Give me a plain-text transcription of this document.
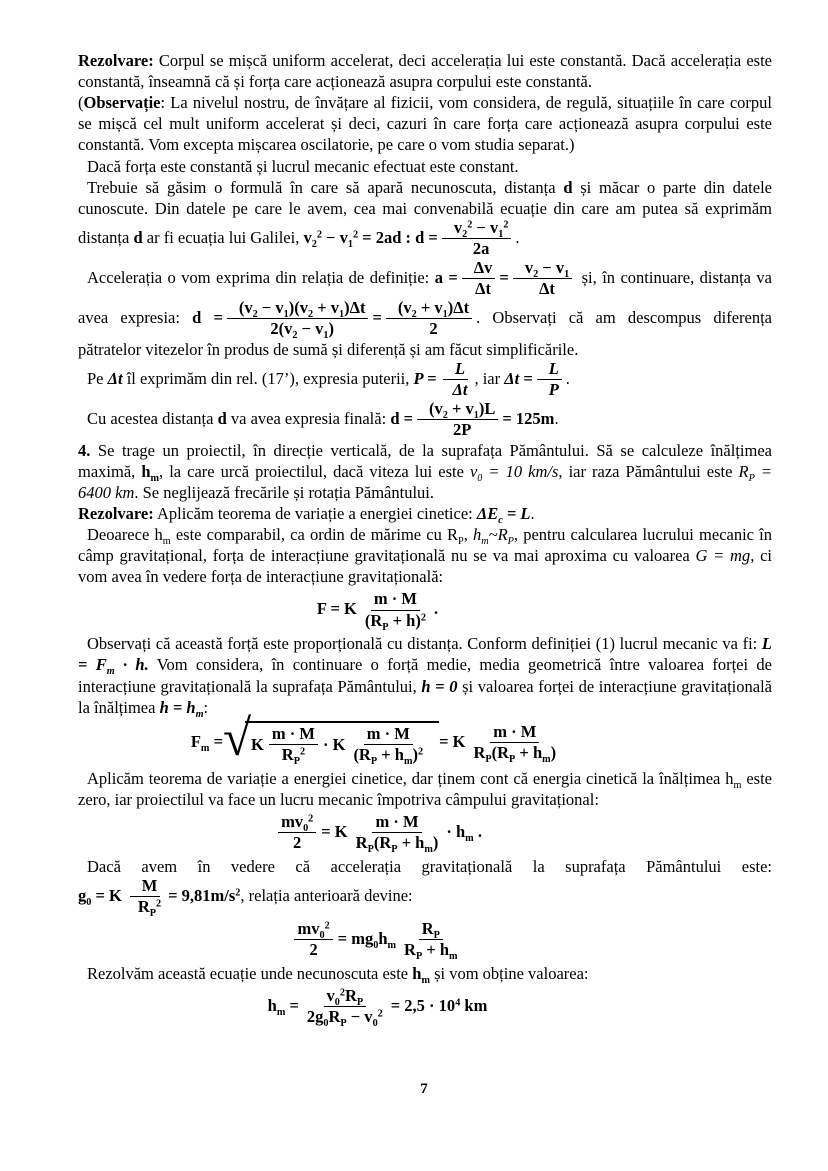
Rezolvare: Corpul se mișcă uniform accelerat, deci accelerația lui este constantă. Dacă accelerația este constantă, înseamnă că și forța care acționează asupra corpului este constantă.

(Observație: La nivelul nostru, de învățare al fizicii, vom considera, de regulă, situațiile în care corpul se mișcă cel mult uniform accelerat și deci, cazuri în care forța care acționează asupra corpului este constantă. Vom excepta mișcarea oscilatorie, pe care o vom studia separat.)

Dacă forța este constantă și lucrul mecanic efectuat este constant.

Trebuie să găsim o formulă în care să apară necunoscuta, distanța d și măcar o parte din datele cunoscute. Din datele pe care le avem, cea mai convenabilă ecuație din care am putea să exprimăm distanța d ar fi ecuația lui Galilei, $v_2^2 - v_1^2 = 2ad$ : $d = \frac{v_2^2 - v_1^2}{2a}$ .

Accelerația o vom exprima din relația de definiție: $a = \frac{\Delta v}{\Delta t} = \frac{v_2 - v_1}{\Delta t}$ și, în continuare, distanța va avea expresia: $d = \frac{(v_2 - v_1)(v_2 + v_1)\Delta t}{2(v_2 - v_1)} = \frac{(v_2 + v_1)\Delta t}{2}$ . Observați că am descompus diferența pătratelor vitezelor în produs de sumă și diferență și am făcut simplificările.

Pe Δt îl exprimăm din rel. (17’), expresia puterii, $P = \frac{L}{\Delta t}$ , iar $\Delta t = \frac{L}{P}$ .

Cu acestea distanța d va avea expresia finală: $d = \frac{(v_2 + v_1)L}{2P} = 125m$.

4. Se trage un proiectil, în direcție verticală, de la suprafața Pământului. Să se calculeze înălțimea maximă, $h_m$, la care urcă proiectilul, dacă viteza lui este $v_0 = 10$ km/s, iar raza Pământului este $R_P = 6400$ km. Se neglijează frecările și rotația Pământului.

Rezolvare: Aplicăm teorema de variație a energiei cinetice: $\Delta E_c = L$.

Deoarece $h_m$ este comparabil, ca ordin de mărime cu $R_P$, $h_m\sim R_P$, pentru calcularea lucrului mecanic în câmp gravitațional, forța de interacțiune gravitațională nu se va mai aproxima cu valoarea G = mg, ci vom avea în vedere forța de interacțiune gravitațională:

F = K $\frac{m \cdot M}{(R_P + h)^2}$ .

Observați că această forță este proporțională cu distanța. Conform definiției (1) lucrul mecanic va fi: $L = F_m \cdot h$. Vom considera, în continuare o forță medie, media geometrică între valoarea forței de interacțiune gravitațională la suprafața Pământului, h = 0 și valoarea forței de interacțiune gravitațională la înălțimea $h = h_m$:

$F_m$ = √ K $\frac{m \cdot M}{R_P^2} \cdot K \frac{m \cdot M}{(R_P + h_m)^2} = K \frac{m \cdot M}{R_P(R_P + h_m)}$

Aplicăm teorema de variație a energiei cinetice, dar ținem cont că energia cinetică la înălțimea $h_m$ este zero, iar proiectilul va face un lucru mecanic împotriva câmpului gravitațional:

$\frac{mv_0^2}{2} = K \frac{m \cdot M}{R_P(R_P + h_m)} \cdot h_m$ .

Dacă avem în vedere că accelerația gravitațională la suprafața Pământului este:
$g_0 = K \frac{M}{R_P^2} = 9,81m/s^2$, relația anterioară devine:

$\frac{mv_0^2}{2} = mg_0h_m \frac{R_P}{R_P + h_m}$

Rezolvăm această ecuație unde necunoscuta este $h_m$ și vom obține valoarea:

$h_m = \frac{v_0^2R_P}{2g_0R_P - v_0^2} = 2,5 \cdot 10^4$ km
7
